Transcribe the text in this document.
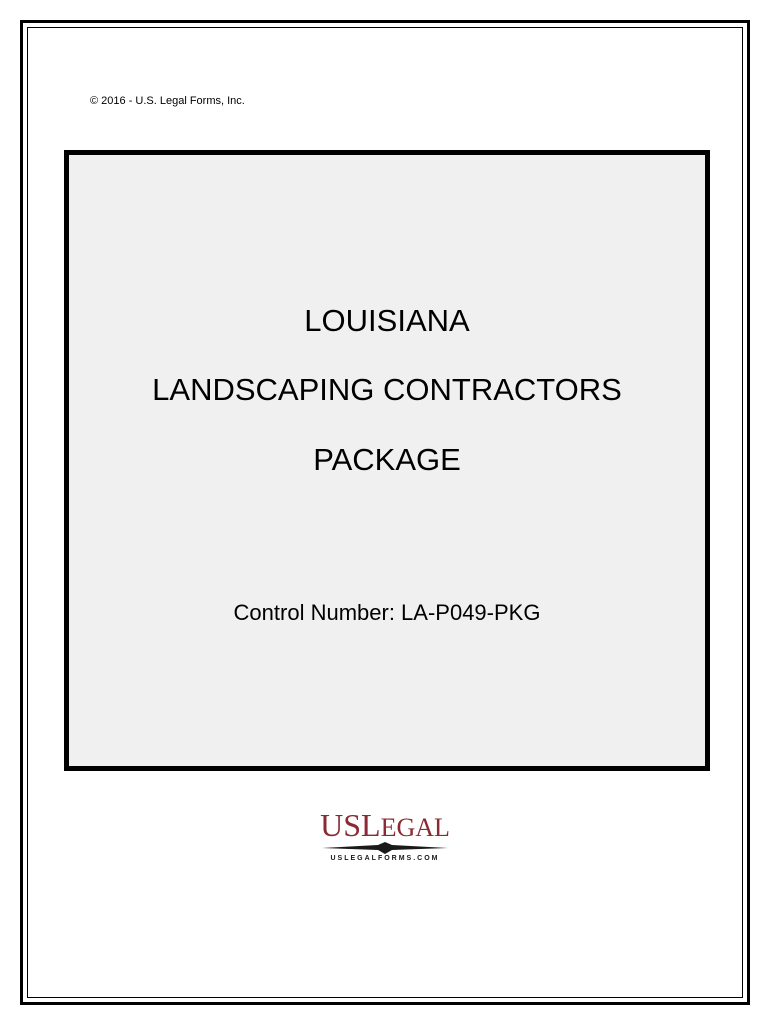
© 2016 - U.S. Legal Forms, Inc.
LOUISIANA
LANDSCAPING CONTRACTORS
PACKAGE
Control Number: LA-P049-PKG
USLEGAL
USLEGALFORMS.COM
